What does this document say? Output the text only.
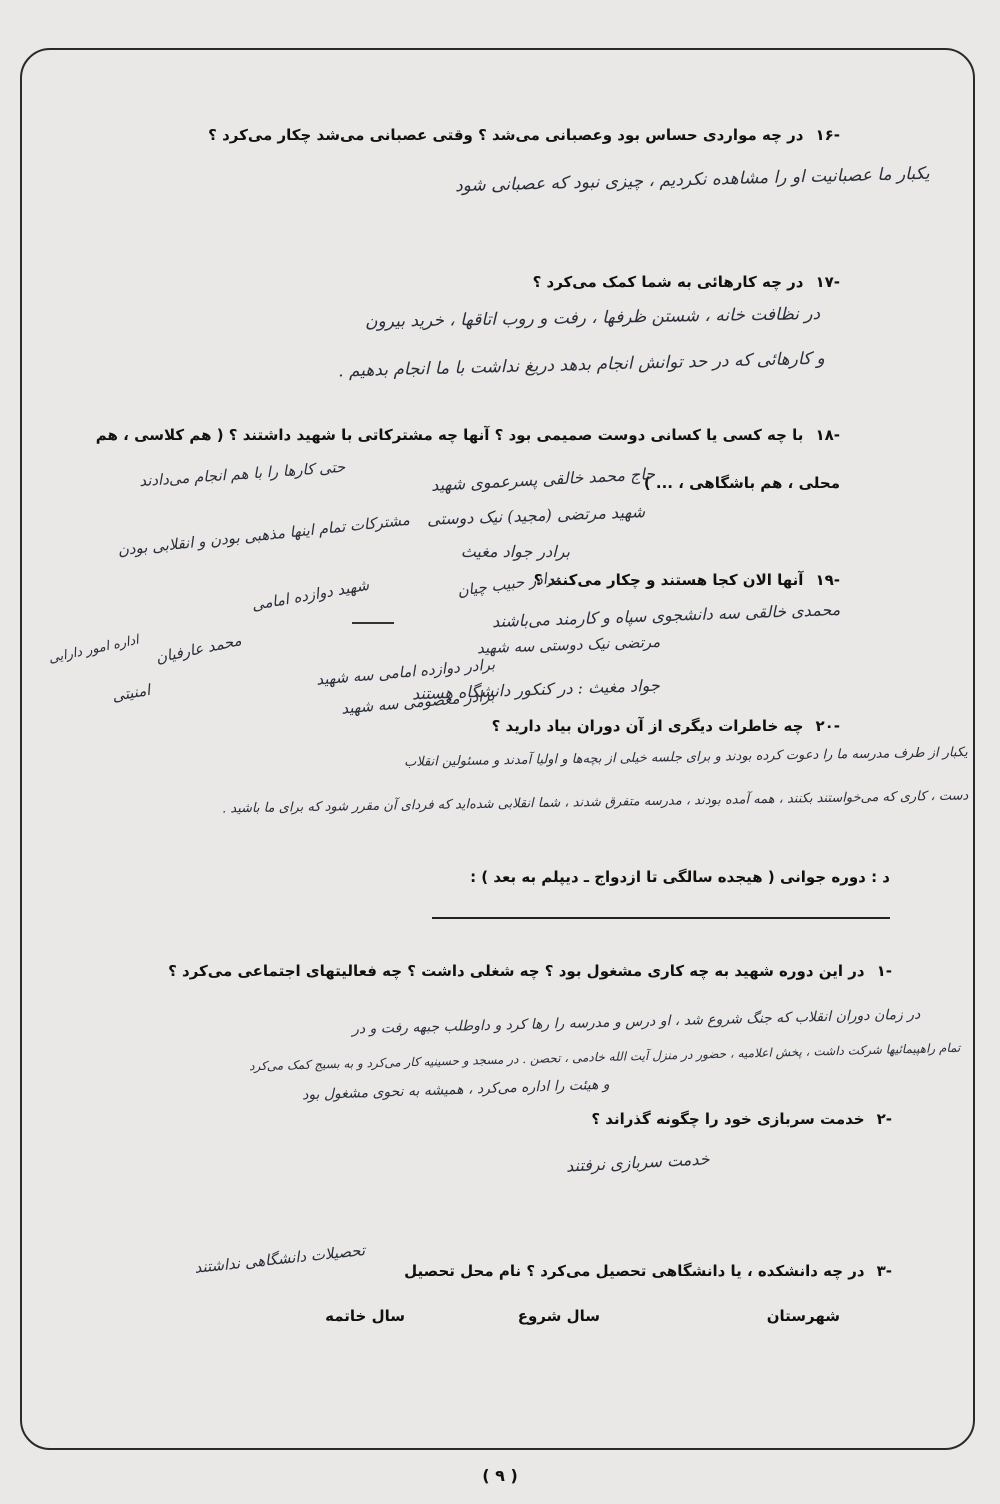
-۱۶در چه مواردی حساس بود وعصبانی می‌شد ؟ وقتی عصبانی می‌شد چکار می‌کرد ؟
یکبار ما عصبانیت او را مشاهده نکردیم ، چیزی نبود که عصبانی شود
-۱۷در چه کارهائی به شما کمک می‌کرد ؟
در نظافت خانه ، شستن ظرفها ، رفت و روب اتاقها ، خرید بیرون
و کارهائی که در حد توانش انجام بدهد دریغ نداشت با ما انجام بدهیم .
-۱۸با چه کسی یا کسانی دوست صمیمی بود ؟ آنها چه مشترکاتی با شهید داشتند ؟ ( هم کلاسی ، هم
محلی ، هم باشگاهی ، ... )
حاج محمد خالقی پسرعموی شهید
حتی کارها را با هم انجام می‌دادند
شهید مرتضی (مجید) نیک دوستی
برادر جواد مغیث
مشترکات تمام اینها مذهبی بودن و انقلابی بودن
-۱۹آنها الان کجا هستند و چکار می‌کنند ؟
برادر حبیب چیان
شهید دوازده امامی
محمدی خالقی سه دانشجوی سپاه و کارمند می‌باشند
مرتضی نیک دوستی سه شهید
جواد مغیث : در کنکور دانشگاه هستند
برادر دوازده امامی سه شهید
برادر معصومی سه شهید
محمد عارفیان
اداره امور دارایی
امنیتی
-۲۰چه خاطرات دیگری از آن دوران بیاد دارید ؟
یکبار از طرف مدرسه ما را دعوت کرده بودند و برای جلسه خیلی از بچه‌ها و اولیا آمدند و مسئولین انقلاب
دست ، کاری که می‌خواستند بکنند ، همه آمده بودند ، مدرسه متفرق شدند ، شما انقلابی شده‌اید که فردای آن مقرر شود که برای ما باشید .
د : دوره جوانی ( هیجده سالگی تا ازدواج ـ دیپلم به بعد ) :
-۱در این دوره شهید به چه کاری مشغول بود ؟ چه شغلی داشت ؟ چه فعالیتهای اجتماعی می‌کرد ؟
در زمان دوران انقلاب که جنگ شروع شد ، او درس و مدرسه را رها کرد و داوطلب جبهه رفت و در
تمام راهپیمائیها شرکت داشت ، پخش اعلامیه ، حضور در منزل آیت الله خادمی ، تحصن . در مسجد و حسینیه کار می‌کرد و به بسیج کمک می‌کرد
و هیئت را اداره می‌کرد ، همیشه به نحوی مشغول بود
-۲خدمت سربازی خود را چگونه گذراند ؟
خدمت سربازی نرفتند
-۳در چه دانشکده ، یا دانشگاهی تحصیل می‌کرد ؟ نام محل تحصیل
تحصیلات دانشگاهی نداشتند
شهرستان
سال شروع
سال خاتمه
( ۹ )
